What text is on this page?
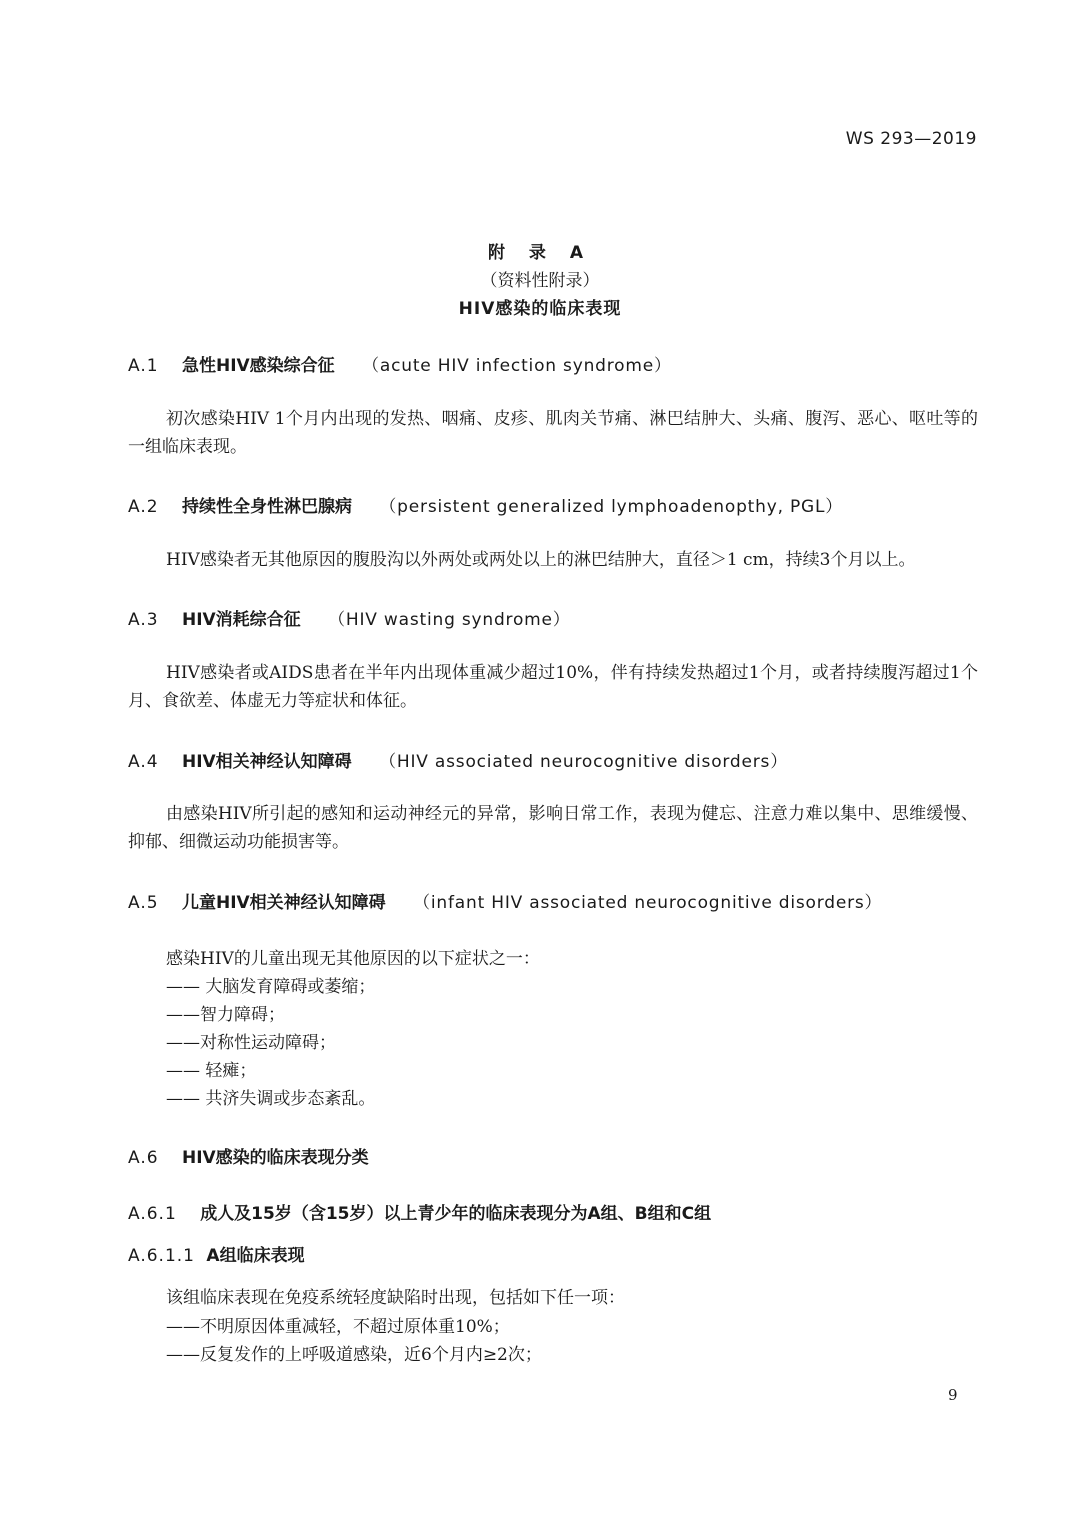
WS 293—2019
附 录 A
（资料性附录）
HIV感染的临床表现
A.1 急性HIV感染综合征 （acute HIV infection syndrome）
初次感染HIV 1个月内出现的发热、咽痛、皮疹、肌肉关节痛、淋巴结肿大、头痛、腹泻、恶心、呕吐等的一组临床表现。
A.2 持续性全身性淋巴腺病 （persistent generalized lymphoadenopthy, PGL）
HIV感染者无其他原因的腹股沟以外两处或两处以上的淋巴结肿大，直径＞1 cm，持续3个月以上。
A.3 HIV消耗综合征 （HIV wasting syndrome）
HIV感染者或AIDS患者在半年内出现体重减少超过10%，伴有持续发热超过1个月，或者持续腹泻超过1个月、食欲差、体虚无力等症状和体征。
A.4 HIV相关神经认知障碍 （HIV associated neurocognitive disorders）
由感染HIV所引起的感知和运动神经元的异常，影响日常工作，表现为健忘、注意力难以集中、思维缓慢、抑郁、细微运动功能损害等。
A.5 儿童HIV相关神经认知障碍 （infant HIV associated neurocognitive disorders）
感染HIV的儿童出现无其他原因的以下症状之一：
—— 大脑发育障碍或萎缩；
——智力障碍；
——对称性运动障碍；
—— 轻瘫；
—— 共济失调或步态紊乱。
A.6 HIV感染的临床表现分类
A.6.1 成人及15岁（含15岁）以上青少年的临床表现分为A组、B组和C组
A.6.1.1 A组临床表现
该组临床表现在免疫系统轻度缺陷时出现，包括如下任一项：
——不明原因体重减轻，不超过原体重10%；
——反复发作的上呼吸道感染，近6个月内≥2次；
9
